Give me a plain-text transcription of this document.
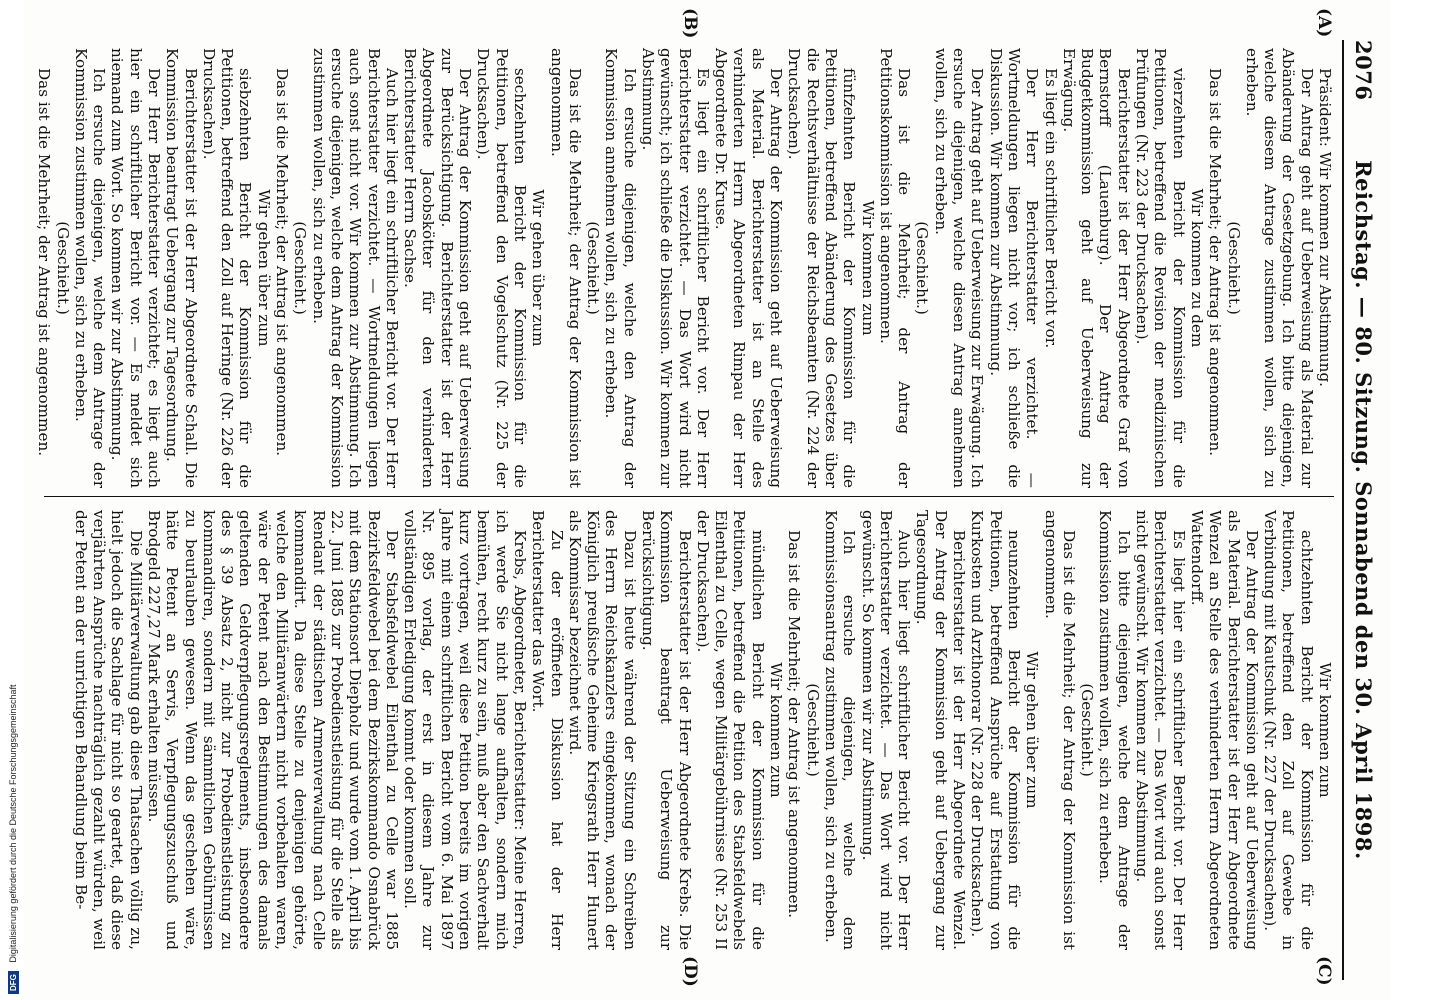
2076
Reichstag. — 80. Sitzung. Sonnabend den 30. April 1898.
(A)
(B)
(C)
(D)

Präsident: Wir kommen zur Abstimmung.

Der Antrag geht auf Ueberweisung als Material zur Abänderung der Gesetzgebung. Ich bitte diejenigen, welche diesem Antrage zustimmen wollen, sich zu erheben.

(Geschieht.)

Das ist die Mehrheit; der Antrag ist angenommen.

Wir kommen zu dem

vierzehnten Bericht der Kommission für die Petitionen, betreffend die Revision der medizinischen Prüfungen (Nr. 223 der Drucksachen).

Berichterstatter ist der Herr Abgeordnete Graf von Bernstorff (Lauenburg). Der Antrag der Budgetkommission geht auf Ueberweisung zur Erwägung.

Es liegt ein schriftlicher Bericht vor.

Der Herr Berichterstatter verzichtet. — Wortmeldungen liegen nicht vor; ich schließe die Diskussion. Wir kommen zur Abstimmung.

Der Antrag geht auf Ueberweisung zur Erwägung. Ich ersuche diejenigen, welche diesen Antrag annehmen wollen, sich zu erheben.

(Geschieht.)

Das ist die Mehrheit; der Antrag der Petitionskommission ist angenommen.

Wir kommen zum

fünfzehnten Bericht der Kommission für die Petitionen, betreffend Abänderung des Gesetzes über die Rechtsverhältnisse der Reichsbeamten (Nr. 224 der Drucksachen).

Der Antrag der Kommission geht auf Ueberweisung als Material. Berichterstatter ist an Stelle des verhinderten Herrn Abgeordneten Rimpau der Herr Abgeordnete Dr. Kruse.

Es liegt ein schriftlicher Bericht vor. Der Herr Berichterstatter verzichtet. — Das Wort wird nicht gewünscht; ich schließe die Diskussion. Wir kommen zur Abstimmung.

Ich ersuche diejenigen, welche den Antrag der Kommission annehmen wollen, sich zu erheben.

(Geschieht.)

Das ist die Mehrheit; der Antrag der Kommission ist angenommen.

Wir gehen über zum

sechzehnten Bericht der Kommission für die Petitionen, betreffend den Vogelschutz (Nr. 225 der Drucksachen).

Der Antrag der Kommission geht auf Ueberweisung zur Berücksichtigung. Berichterstatter ist der Herr Abgeordnete Jacobskötter für den verhinderten Berichterstatter Herrn Sachse.

Auch hier liegt ein schriftlicher Bericht vor. Der Herr Berichterstatter verzichtet. — Wortmeldungen liegen auch sonst nicht vor. Wir kommen zur Abstimmung. Ich ersuche diejenigen, welche dem Antrag der Kommission zustimmen wollen, sich zu erheben.

(Geschieht.)

Das ist die Mehrheit; der Antrag ist angenommen.

Wir gehen über zum

siebzehnten Bericht der Kommission für die Petitionen, betreffend den Zoll auf Heringe (Nr. 226 der Drucksachen).

Berichterstatter ist der Herr Abgeordnete Schall. Die Kommission beantragt Uebergang zur Tagesordnung.

Der Herr Berichterstatter verzichtet; es liegt auch hier ein schriftlicher Bericht vor. — Es meldet sich niemand zum Wort. So kommen wir zur Abstimmung.

Ich ersuche diejenigen, welche dem Antrage der Kommission zustimmen wollen, sich zu erheben.

(Geschieht.)

Das ist die Mehrheit; der Antrag ist angenommen.

Wir kommen zum

achtzehnten Bericht der Kommission für die Petitionen, betreffend den Zoll auf Gewebe in Verbindung mit Kautschuk (Nr. 227 der Drucksachen).

Der Antrag der Kommission geht auf Ueberweisung als Material. Berichterstatter ist der Herr Abgeordnete Wenzel an Stelle des verhinderten Herrn Abgeordneten Wattendorff.

Es liegt hier ein schriftlicher Bericht vor. Der Herr Berichterstatter verzichtet. — Das Wort wird auch sonst nicht gewünscht. Wir kommen zur Abstimmung.

Ich bitte diejenigen, welche dem Antrage der Kommission zustimmen wollen, sich zu erheben.

(Geschieht.)

Das ist die Mehrheit; der Antrag der Kommission ist angenommen.

Wir gehen über zum

neunzehnten Bericht der Kommission für die Petitionen, betreffend Ansprüche auf Erstattung von Kurkosten und Arzthonorar (Nr. 228 der Drucksachen).

Berichterstatter ist der Herr Abgeordnete Wenzel. Der Antrag der Kommission geht auf Uebergang zur Tagesordnung.

Auch hier liegt schriftlicher Bericht vor. Der Herr Berichterstatter verzichtet. — Das Wort wird nicht gewünscht. So kommen wir zur Abstimmung.

Ich ersuche diejenigen, welche dem Kommissionsantrag zustimmen wollen, sich zu erheben.

(Geschieht.)

Das ist die Mehrheit; der Antrag ist angenommen.

Wir kommen zum

mündlichen Bericht der Kommission für die Petitionen, betreffend die Petition des Stabsfeldwebels Eilenthal zu Celle, wegen Militärgebührnisse (Nr. 253 II der Drucksachen).

Berichterstatter ist der Herr Abgeordnete Krebs. Die Kommission beantragt Ueberweisung zur Berücksichtigung.

Dazu ist heute während der Sitzung ein Schreiben des Herrn Reichskanzlers eingekommen, wonach der Königlich preußische Geheime Kriegsrath Herr Hunert als Kommissar bezeichnet wird.

Zu der eröffneten Diskussion hat der Herr Berichterstatter das Wort.

Krebs, Abgeordneter, Berichterstatter: Meine Herren, ich werde Sie nicht lange aufhalten, sondern mich bemühen, recht kurz zu sein, muß aber den Sachverhalt kurz vortragen, weil diese Petition bereits im vorigen Jahre mit einem schriftlichen Bericht vom 6. Mai 1897 Nr. 895 vorlag, der erst in diesem Jahre zur vollständigen Erledigung kommt oder kommen soll.

Der Stabsfeldwebel Eilenthal zu Celle war 1885 Bezirksfeldwebel bei dem Bezirkskommando Osnabrück mit dem Stationsort Diepholz und wurde vom 1. April bis 22. Juni 1885 zur Probedienstleistung für die Stelle als Rendant der städtischen Armenverwaltung nach Celle kommandirt. Da diese Stelle zu denjenigen gehörte, welche den Militäranwärtern nicht vorbehalten waren, wäre der Petent nach den Bestimmungen des damals geltenden Geldverpflegungsreglements, insbesondere des § 39 Absatz 2, nicht zur Probedienstleistung zu kommandiren, sondern mit sämmtlichen Gebührnissen zu beurlauben gewesen. Wenn das geschehen wäre, hätte Petent an Servis, Verpflegungszuschuß und Brodgeld 227,27 Mark erhalten müssen.

Die Militärverwaltung gab diese Thatsachen völlig zu, hielt jedoch die Sachlage für nicht so geartet, daß diese verjährten Ansprüche nachträglich gezahlt würden, weil der Petent an der unrichtigen Behandlung beim Be-

DFG Digitalisierung gefördert durch die Deutsche Forschungsgemeinschaft
